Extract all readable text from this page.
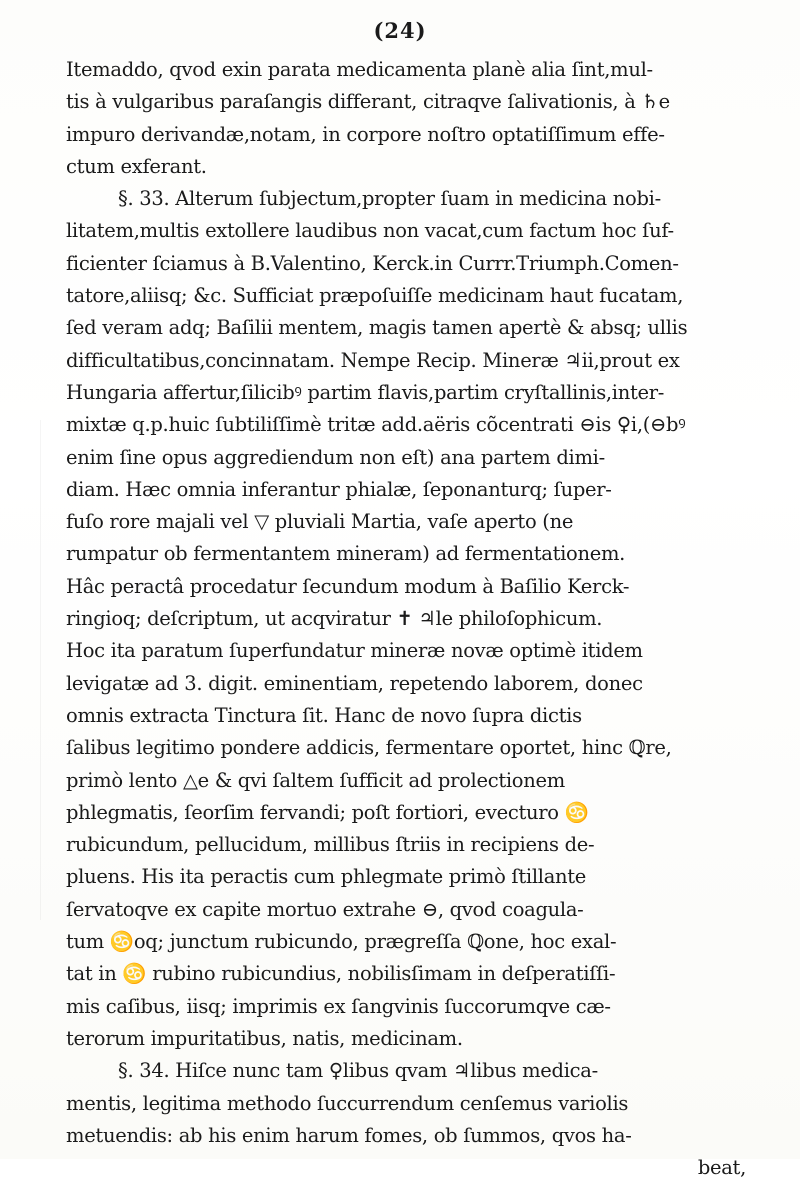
(24)
Itemaddo, qvod exin parata medicamenta planè alia ſint,mul-
tis à vulgaribus paraſangis differant, citraqve ſalivationis, à ♄e
impuro derivandæ,notam, in corpore noſtro optatiſſimum effe-
ctum exferant.
§. 33. Alterum ſubjectum,propter ſuam in medicina nobi-
litatem,multis extollere laudibus non vacat,cum factum hoc ſuf-
ficienter ſciamus à B.Valentino, Kerck.in Currr.Triumph.Comen-
tatore,aliisq; &c. Sufficiat præpoſuiſſe medicinam haut fucatam,
ſed veram adq; Baſilii mentem, magis tamen apertè & absq; ullis
difficultatibus,concinnatam. Nempe Recip. Mineræ ♃ii,prout ex
Hungaria affertur,ſilicibꝰ partim flavis,partim cryſtallinis,inter-
mixtæ q.p.huic ſubtiliſſimè tritæ add.aëris cõcentrati ⊖is ♀i,(⊖bꝰ
enim ſine opus aggrediendum non eſt) ana partem dimi-
diam. Hæc omnia inferantur phialæ, ſeponanturq; ſuper-
fuſo rore majali vel ▽ pluviali Martia, vaſe aperto (ne
rumpatur ob fermentantem mineram) ad fermentationem.
Hâc peractâ procedatur ſecundum modum à Baſilio Kerck-
ringioq; deſcriptum, ut acqviratur ✝ ♃le philoſophicum.
Hoc ita paratum ſuperfundatur mineræ novæ optimè itidem
levigatæ ad 3. digit. eminentiam, repetendo laborem, donec
omnis extracta Tinctura ſit. Hanc de novo ſupra dictis
ſalibus legitimo pondere addicis, fermentare oportet, hinc ℚre,
primò lento △e & qvi ſaltem ſufficit ad prolectionem
phlegmatis, ſeorſim fervandi; poſt fortiori, evecturo ♋
rubicundum, pellucidum, millibus ſtriis in recipiens de-
pluens. His ita peractis cum phlegmate primò ſtillante
ſervatoqve ex capite mortuo extrahe ⊖, qvod coagula-
tum ♋oq; junctum rubicundo, prægreſſa ℚone, hoc exal-
tat in ♋ rubino rubicundius, nobilisſimam in deſperatiſſi-
mis caſibus, iisq; imprimis ex ſangvinis ſuccorumqve cæ-
terorum impuritatibus, natis, medicinam.
§. 34. Hiſce nunc tam ♀libus qvam ♃libus medica-
mentis, legitima methodo ſuccurrendum cenſemus variolis
metuendis: ab his enim harum fomes, ob ſummos, qvos ha-
beat,
